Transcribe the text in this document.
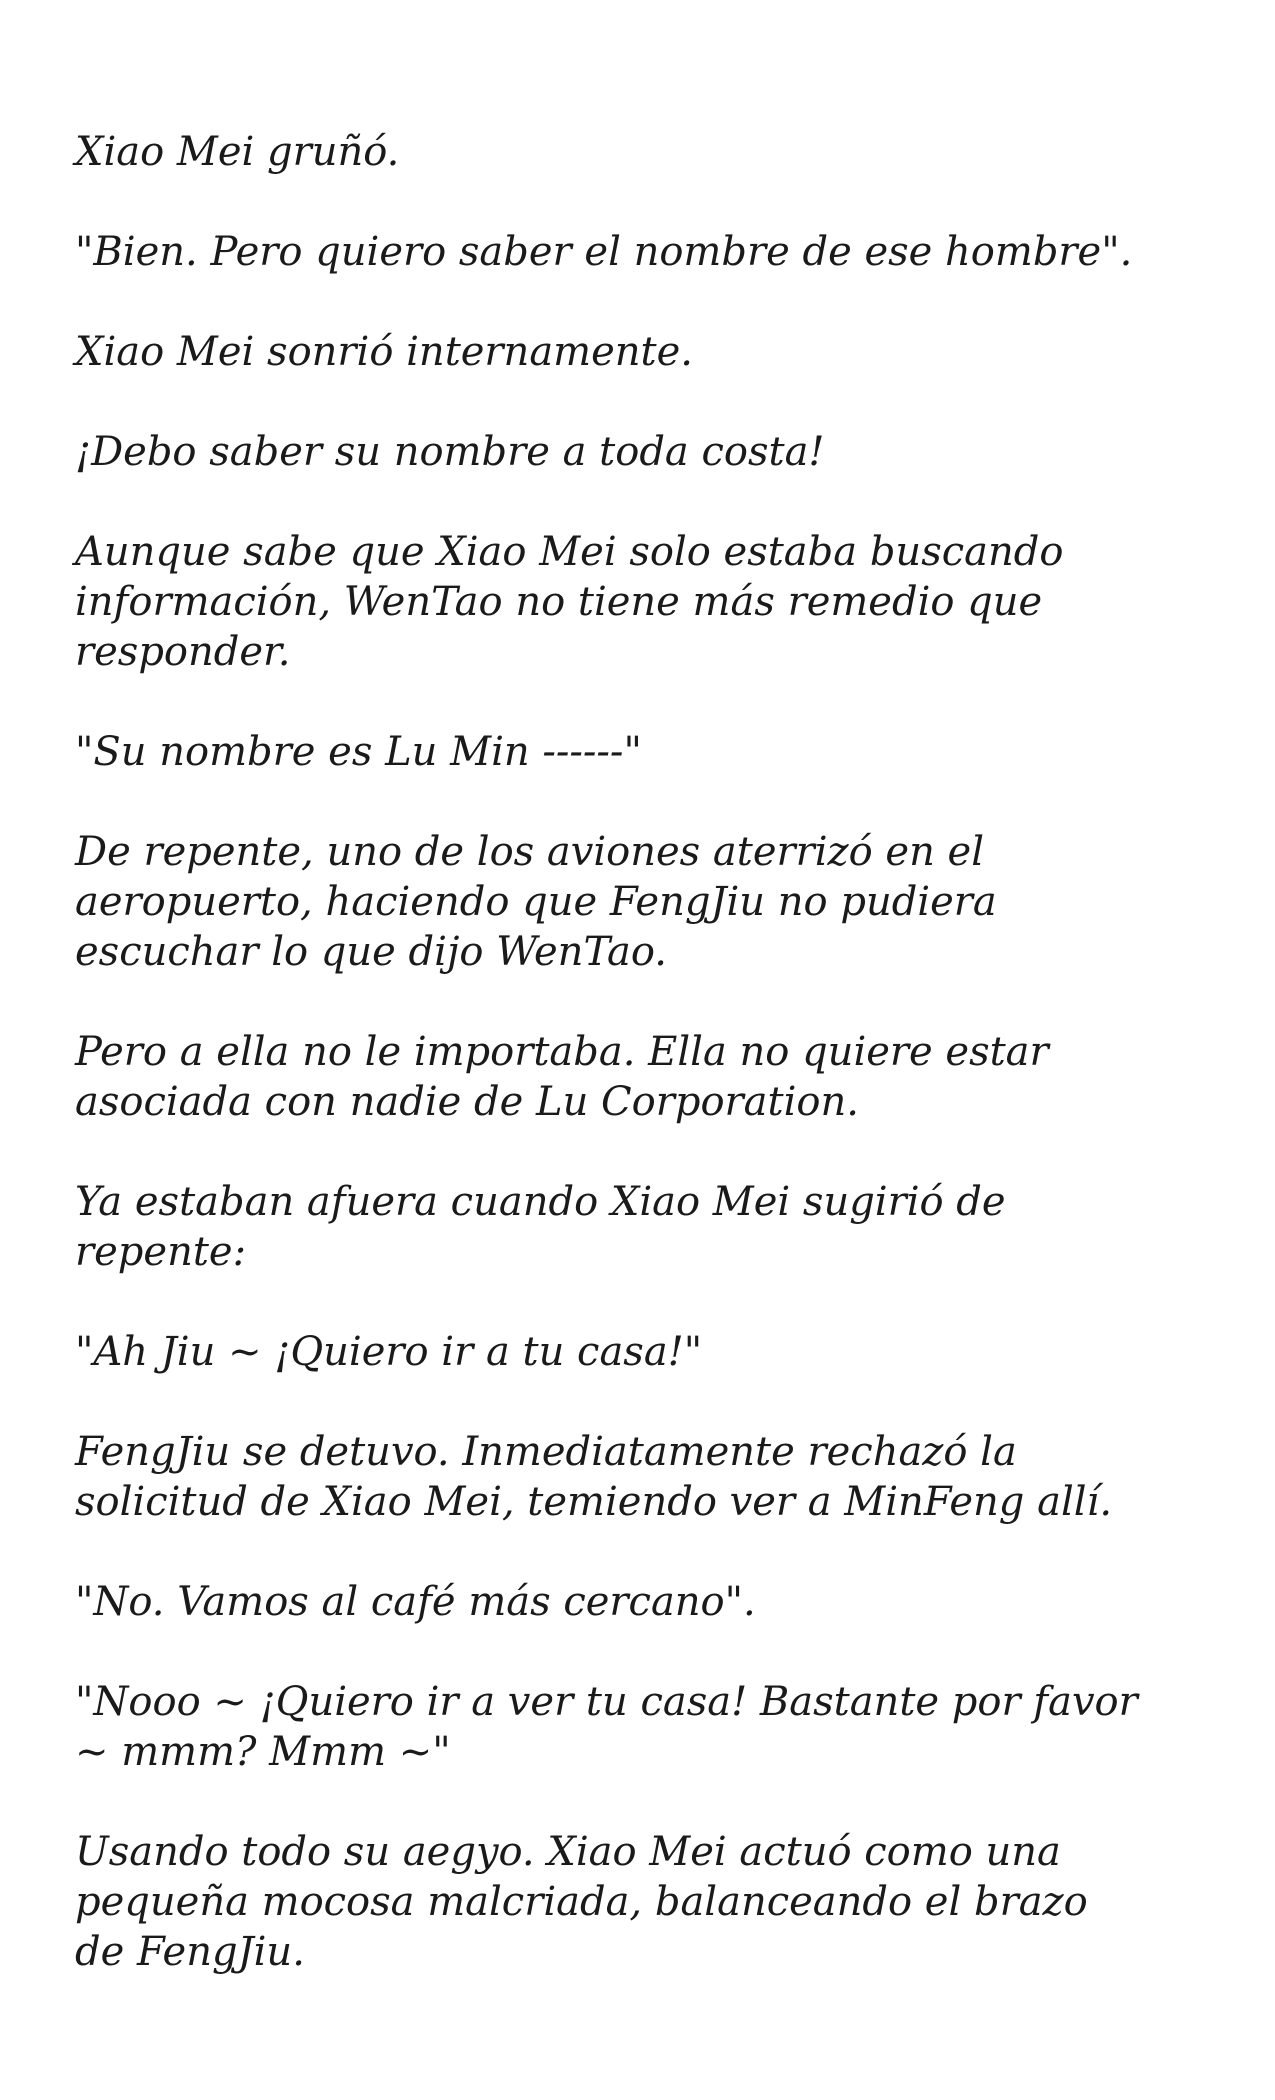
Xiao Mei gruñó.

"Bien. Pero quiero saber el nombre de ese hombre".

Xiao Mei sonrió internamente.

¡Debo saber su nombre a toda costa!

Aunque sabe que Xiao Mei solo estaba buscando
información, WenTao no tiene más remedio que
responder.

"Su nombre es Lu Min ------"

De repente, uno de los aviones aterrizó en el
aeropuerto, haciendo que FengJiu no pudiera
escuchar lo que dijo WenTao.

Pero a ella no le importaba. Ella no quiere estar
asociada con nadie de Lu Corporation.

Ya estaban afuera cuando Xiao Mei sugirió de
repente:

"Ah Jiu ~ ¡Quiero ir a tu casa!"

FengJiu se detuvo. Inmediatamente rechazó la
solicitud de Xiao Mei, temiendo ver a MinFeng allí.

"No. Vamos al café más cercano".

"Nooo ~ ¡Quiero ir a ver tu casa! Bastante por favor
~ mmm? Mmm ~"

Usando todo su aegyo. Xiao Mei actuó como una
pequeña mocosa malcriada, balanceando el brazo
de FengJiu.
